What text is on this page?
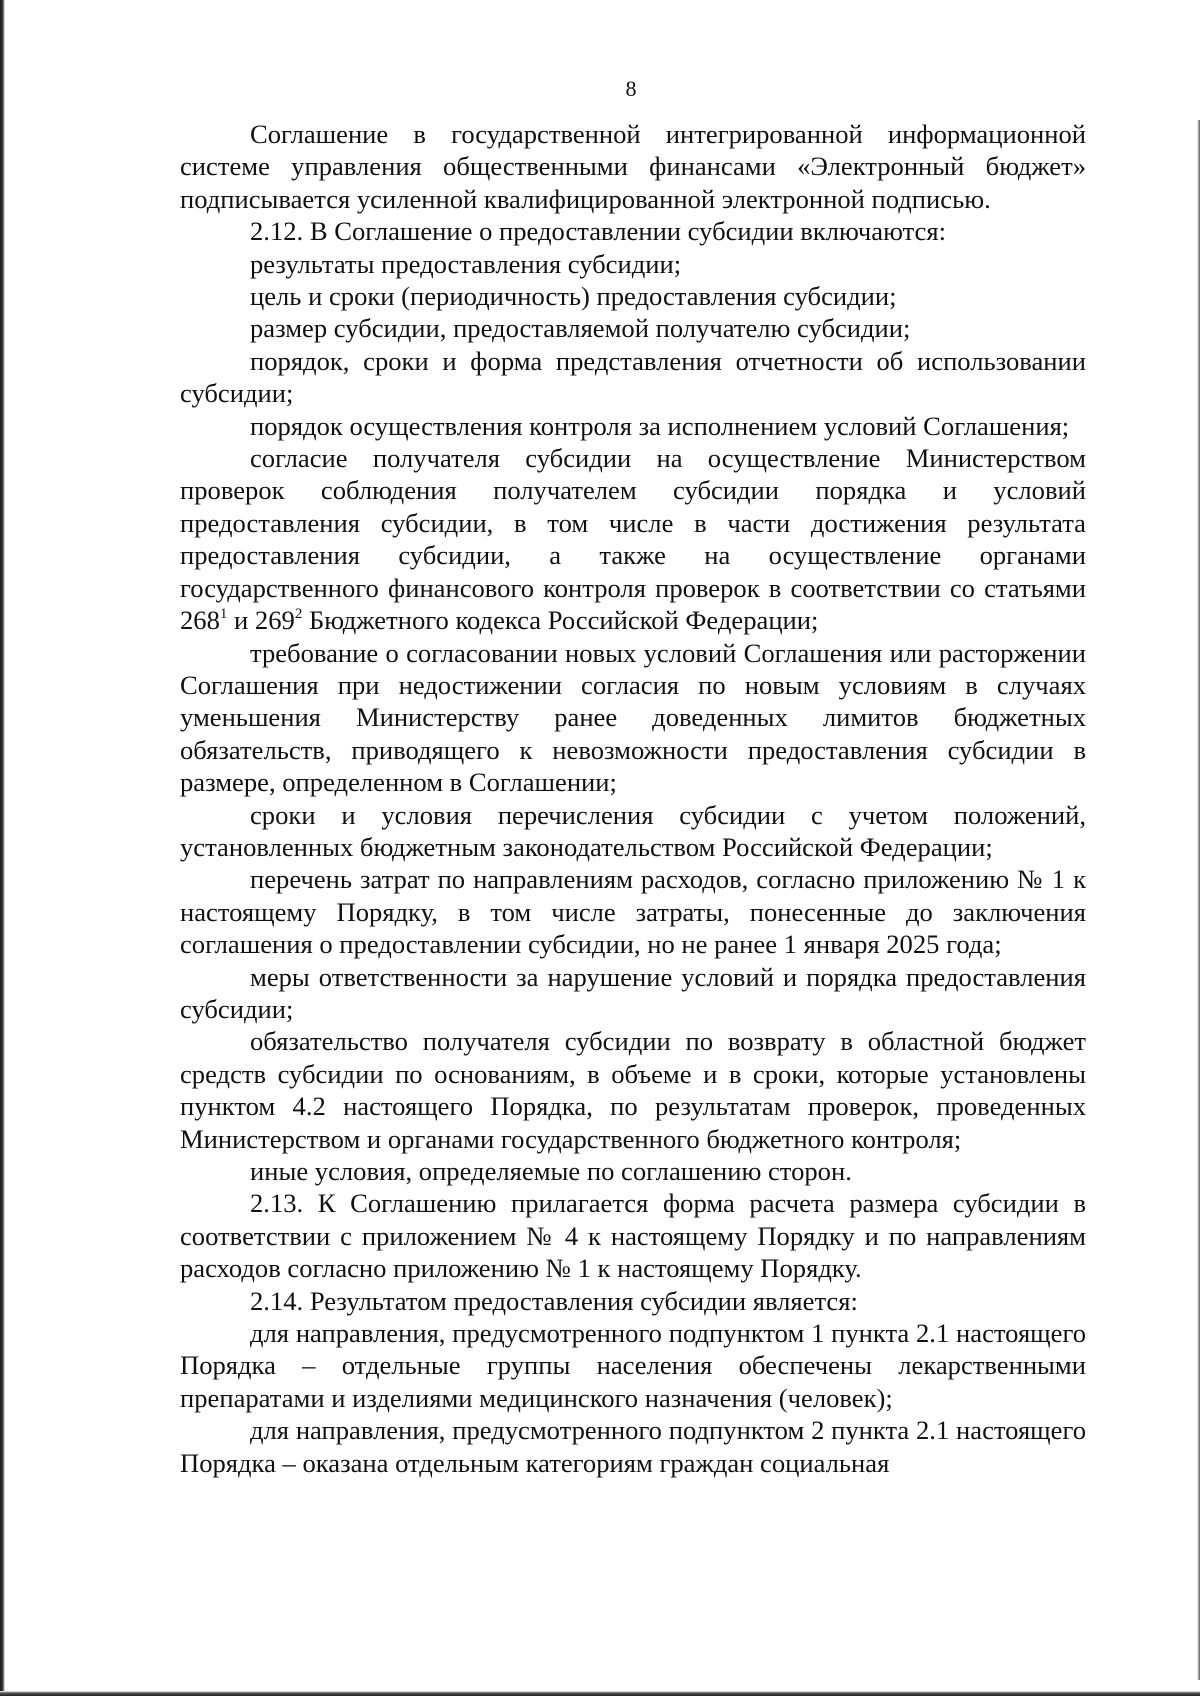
8

Соглашение в государственной интегрированной информационной системе управления общественными финансами «Электронный бюджет» подписывается усиленной квалифицированной электронной подписью.

2.12. В Соглашение о предоставлении субсидии включаются:

результаты предоставления субсидии;

цель и сроки (периодичность) предоставления субсидии;

размер субсидии, предоставляемой получателю субсидии;

порядок, сроки и форма представления отчетности об использовании субсидии;

порядок осуществления контроля за исполнением условий Соглашения;

согласие получателя субсидии на осуществление Министерством проверок соблюдения получателем субсидии порядка и условий предоставления субсидии, в том числе в части достижения результата предоставления субсидии, а также на осуществление органами государственного финансового контроля проверок в соответствии со статьями $268^1$ и $269^2$ Бюджетного кодекса Российской Федерации;

требование о согласовании новых условий Соглашения или расторжении Соглашения при недостижении согласия по новым условиям в случаях уменьшения Министерству ранее доведенных лимитов бюджетных обязательств, приводящего к невозможности предоставления субсидии в размере, определенном в Соглашении;

сроки и условия перечисления субсидии с учетом положений, установленных бюджетным законодательством Российской Федерации;

перечень затрат по направлениям расходов, согласно приложению № 1 к настоящему Порядку, в том числе затраты, понесенные до заключения соглашения о предоставлении субсидии, но не ранее 1 января 2025 года;

меры ответственности за нарушение условий и порядка предоставления субсидии;

обязательство получателя субсидии по возврату в областной бюджет средств субсидии по основаниям, в объеме и в сроки, которые установлены пунктом 4.2 настоящего Порядка, по результатам проверок, проведенных Министерством и органами государственного бюджетного контроля;

иные условия, определяемые по соглашению сторон.

2.13. К Соглашению прилагается форма расчета размера субсидии в соответствии с приложением № 4 к настоящему Порядку и по направлениям расходов согласно приложению № 1 к настоящему Порядку.

2.14. Результатом предоставления субсидии является:

для направления, предусмотренного подпунктом 1 пункта 2.1 настоящего Порядка – отдельные группы населения обеспечены лекарственными препаратами и изделиями медицинского назначения (человек);

для направления, предусмотренного подпунктом 2 пункта 2.1 настоящего Порядка – оказана отдельным категориям граждан социальная
